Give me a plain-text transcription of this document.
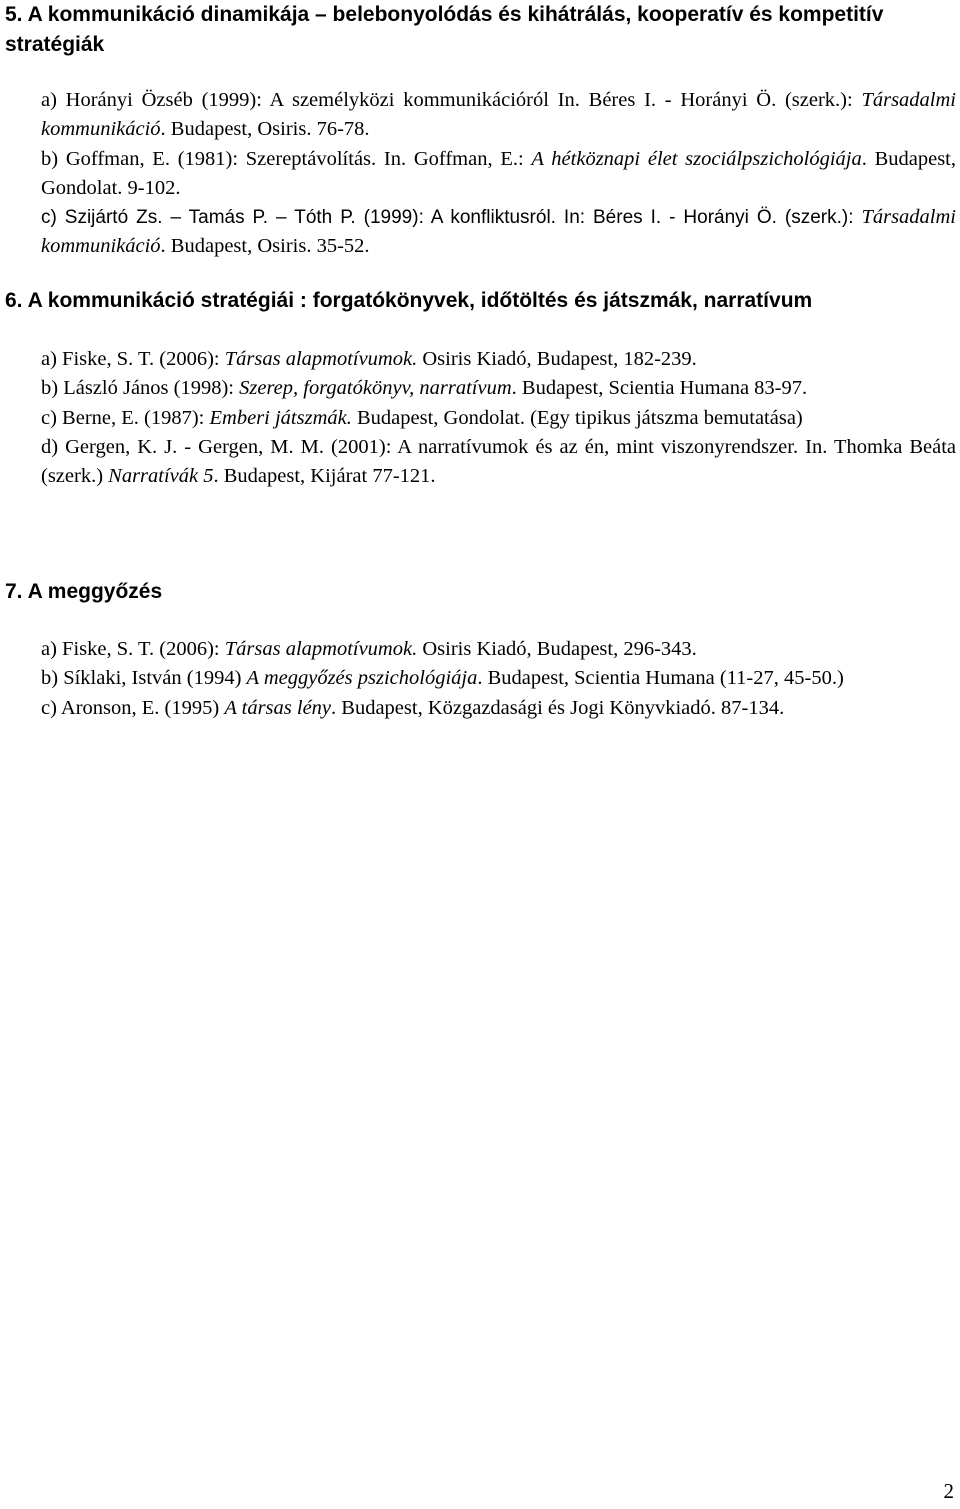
5. A kommunikáció dinamikája – belebonyolódás és kihátrálás, kooperatív és kompetitív stratégiák

a) Horányi Özséb (1999): A személyközi kommunikációról In. Béres I. - Horányi Ö. (szerk.): Társadalmi kommunikáció. Budapest, Osiris. 76-78.

b) Goffman, E. (1981): Szereptávolítás. In. Goffman, E.: A hétköznapi élet szociálpszichológiája. Budapest, Gondolat. 9-102.

c) Szijártó Zs. – Tamás P. – Tóth P. (1999): A konfliktusról. In: Béres I. - Horányi Ö. (szerk.): Társadalmi kommunikáció. Budapest, Osiris. 35-52.

6. A kommunikáció stratégiái : forgatókönyvek, időtöltés és játszmák, narratívum

a) Fiske, S. T. (2006): Társas alapmotívumok. Osiris Kiadó, Budapest, 182-239.

b) László János (1998): Szerep, forgatókönyv, narratívum. Budapest, Scientia Humana 83-97.

c) Berne, E. (1987): Emberi játszmák. Budapest, Gondolat. (Egy tipikus játszma bemutatása)

d) Gergen, K. J. - Gergen, M. M. (2001): A narratívumok és az én, mint viszonyrendszer. In. Thomka Beáta (szerk.) Narratívák 5. Budapest, Kijárat 77-121.

7. A meggyőzés

a) Fiske, S. T. (2006): Társas alapmotívumok. Osiris Kiadó, Budapest, 296-343.

b) Síklaki, István (1994) A meggyőzés pszichológiája. Budapest, Scientia Humana (11-27, 45-50.)

c) Aronson, E. (1995) A társas lény. Budapest, Közgazdasági és Jogi Könyvkiadó. 87-134.

2
